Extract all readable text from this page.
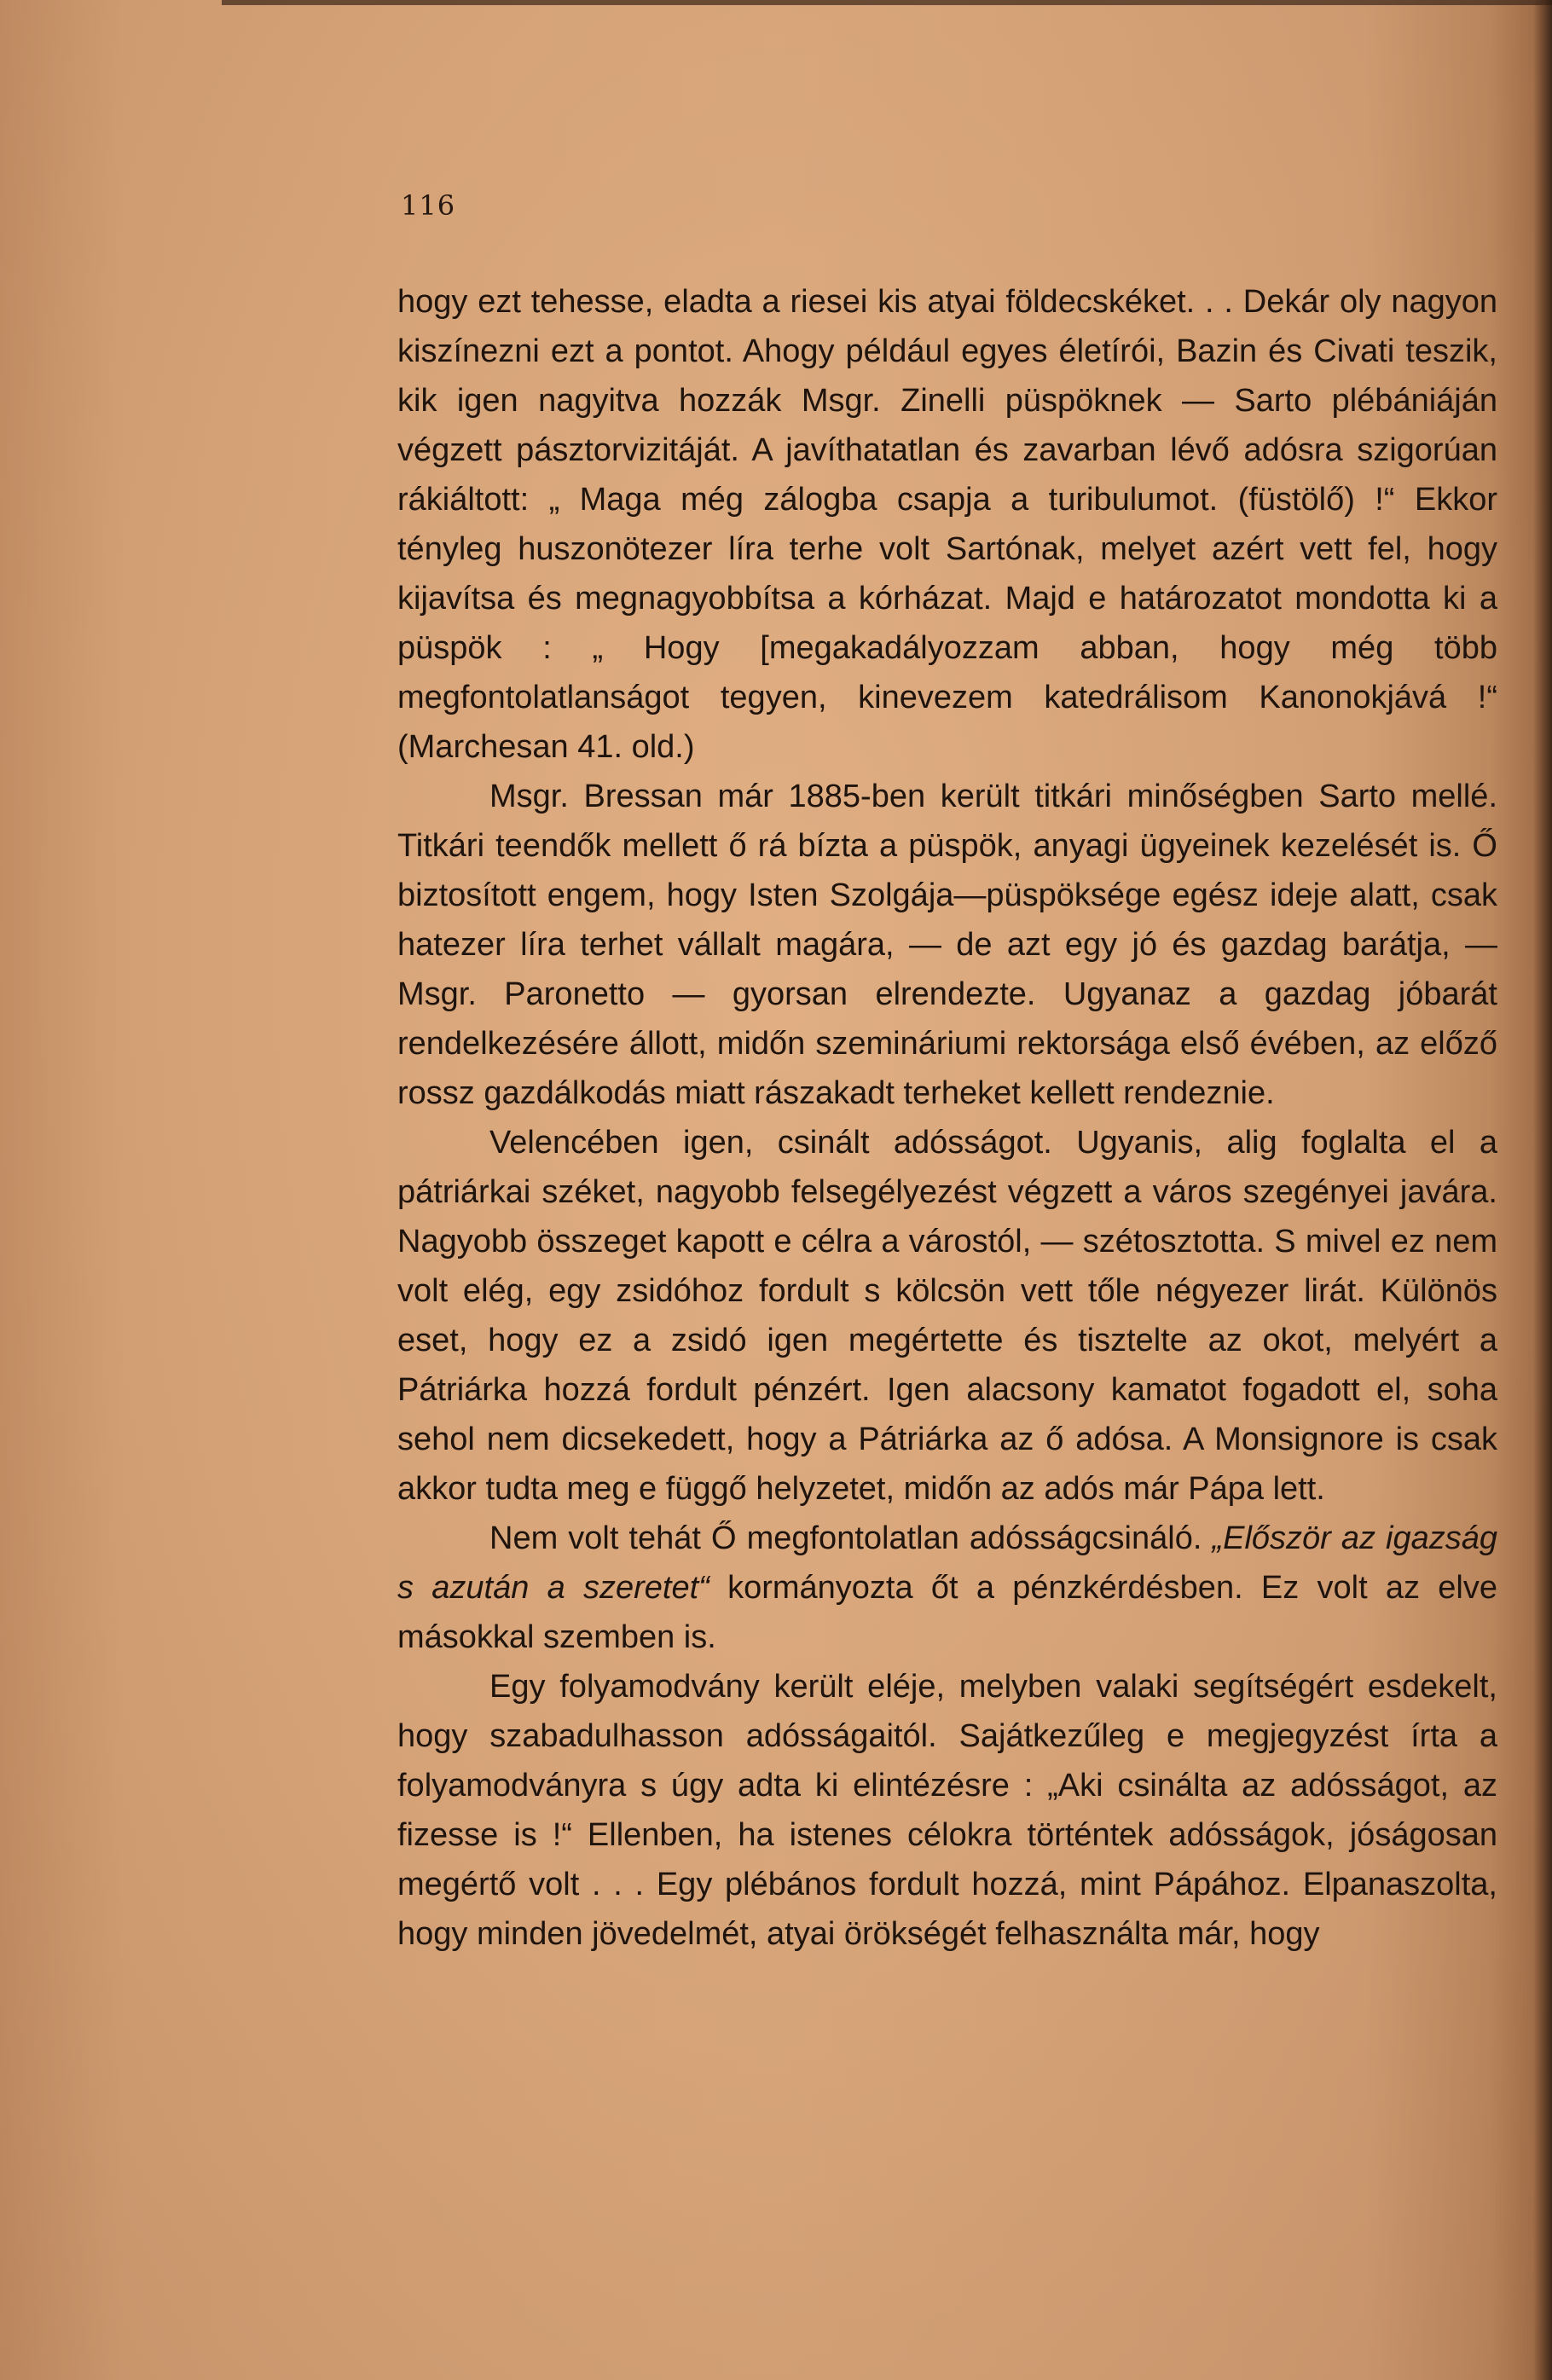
116

hogy ezt tehesse, eladta a riesei kis atyai földecskéket. . . Dekár oly nagyon kiszínezni ezt a pontot. Ahogy például egyes életírói, Bazin és Civati teszik, kik igen nagyitva hozzák Msgr. Zinelli püspöknek — Sarto plébániáján végzett pásztorvizitáját. A javíthatatlan és zavarban lévő adósra szigorúan rákiáltott: „ Maga még zálogba csapja a turibulumot. (füstölő) !“ Ekkor tényleg huszonötezer líra terhe volt Sartónak, melyet azért vett fel, hogy kijavítsa és megnagyobbítsa a kórházat. Majd e határozatot mondotta ki a püspök : „ Hogy [megakadályozzam abban, hogy még több megfontolatlanságot tegyen, kinevezem katedrálisom Kanonokjává !“ (Marchesan 41. old.)

Msgr. Bressan már 1885-ben került titkári minőségben Sarto mellé. Titkári teendők mellett ő rá bízta a püspök, anyagi ügyeinek kezelését is. Ő biztosított engem, hogy Isten Szolgája—püspöksége egész ideje alatt, csak hatezer líra terhet vállalt magára, — de azt egy jó és gazdag barátja, — Msgr. Paronetto — gyorsan elrendezte. Ugyanaz a gazdag jóbarát rendelkezésére állott, midőn szemináriumi rektorsága első évében, az előző rossz gazdálkodás miatt rászakadt terheket kellett rendeznie.

Velencében igen, csinált adósságot. Ugyanis, alig foglalta el a pátriárkai széket, nagyobb felsegélyezést végzett a város szegényei javára. Nagyobb összeget kapott e célra a várostól, — szétosztotta. S mivel ez nem volt elég, egy zsidóhoz fordult s kölcsön vett tőle négyezer lirát. Különös eset, hogy ez a zsidó igen megértette és tisztelte az okot, melyért a Pátriárka hozzá fordult pénzért. Igen alacsony kamatot fogadott el, soha sehol nem dicsekedett, hogy a Pátriárka az ő adósa. A Monsignore is csak akkor tudta meg e függő helyzetet, midőn az adós már Pápa lett.

Nem volt tehát Ő megfontolatlan adósságcsináló. „Először az igazság s azután a szeretet“ kormányozta őt a pénzkérdésben. Ez volt az elve másokkal szemben is.

Egy folyamodvány került eléje, melyben valaki segítségért esdekelt, hogy szabadulhasson adósságaitól. Sajátkezűleg e megjegyzést írta a folyamodványra s úgy adta ki elintézésre : „Aki csinálta az adósságot, az fizesse is !“ Ellenben, ha istenes célokra történtek adósságok, jóságosan megértő volt . . . Egy plébános fordult hozzá, mint Pápához. Elpanaszolta, hogy minden jövedelmét, atyai örökségét felhasználta már, hogy
